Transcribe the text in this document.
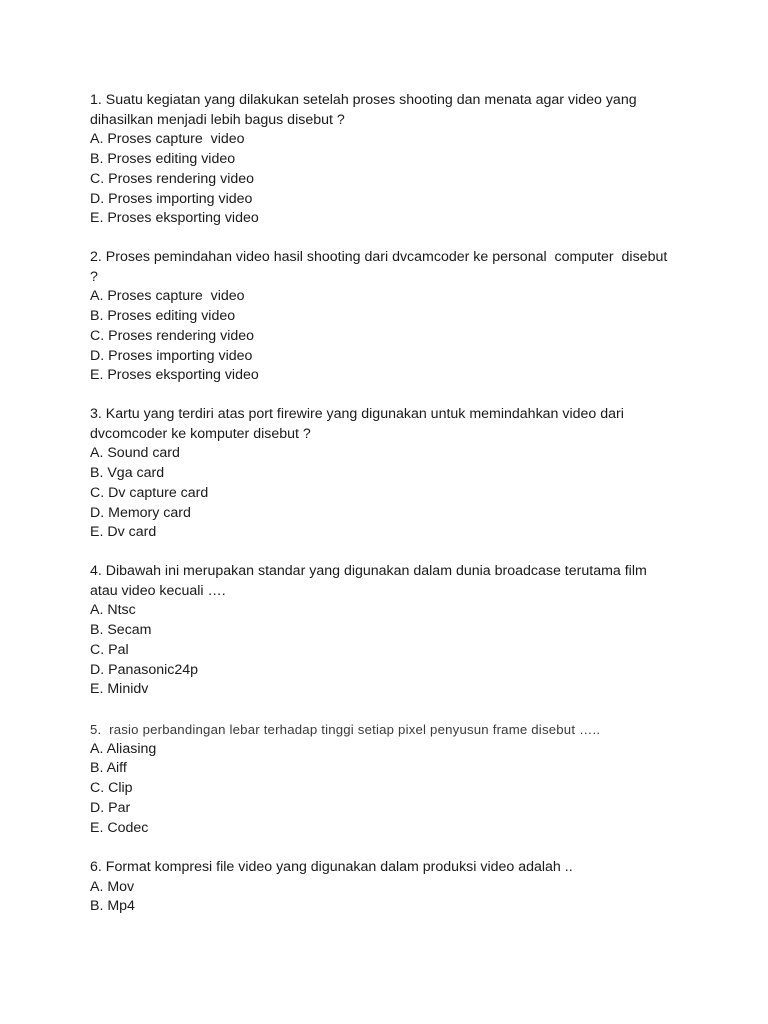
1. Suatu kegiatan yang dilakukan setelah proses shooting dan menata agar video yang
dihasilkan menjadi lebih bagus disebut ?
A. Proses capture  video
B. Proses editing video
C. Proses rendering video
D. Proses importing video
E. Proses eksporting video
2. Proses pemindahan video hasil shooting dari dvcamcoder ke personal  computer  disebut
?
A. Proses capture  video
B. Proses editing video
C. Proses rendering video
D. Proses importing video
E. Proses eksporting video
3. Kartu yang terdiri atas port firewire yang digunakan untuk memindahkan video dari
dvcomcoder ke komputer disebut ?
A. Sound card
B. Vga card
C. Dv capture card
D. Memory card
E. Dv card
4. Dibawah ini merupakan standar yang digunakan dalam dunia broadcase terutama film
atau video kecuali ….
A. Ntsc
B. Secam
C. Pal
D. Panasonic24p
E. Minidv
5.  rasio perbandingan lebar terhadap tinggi setiap pixel penyusun frame disebut …..
A. Aliasing
B. Aiff
C. Clip
D. Par
E. Codec
6. Format kompresi file video yang digunakan dalam produksi video adalah ..
A. Mov
B. Mp4
